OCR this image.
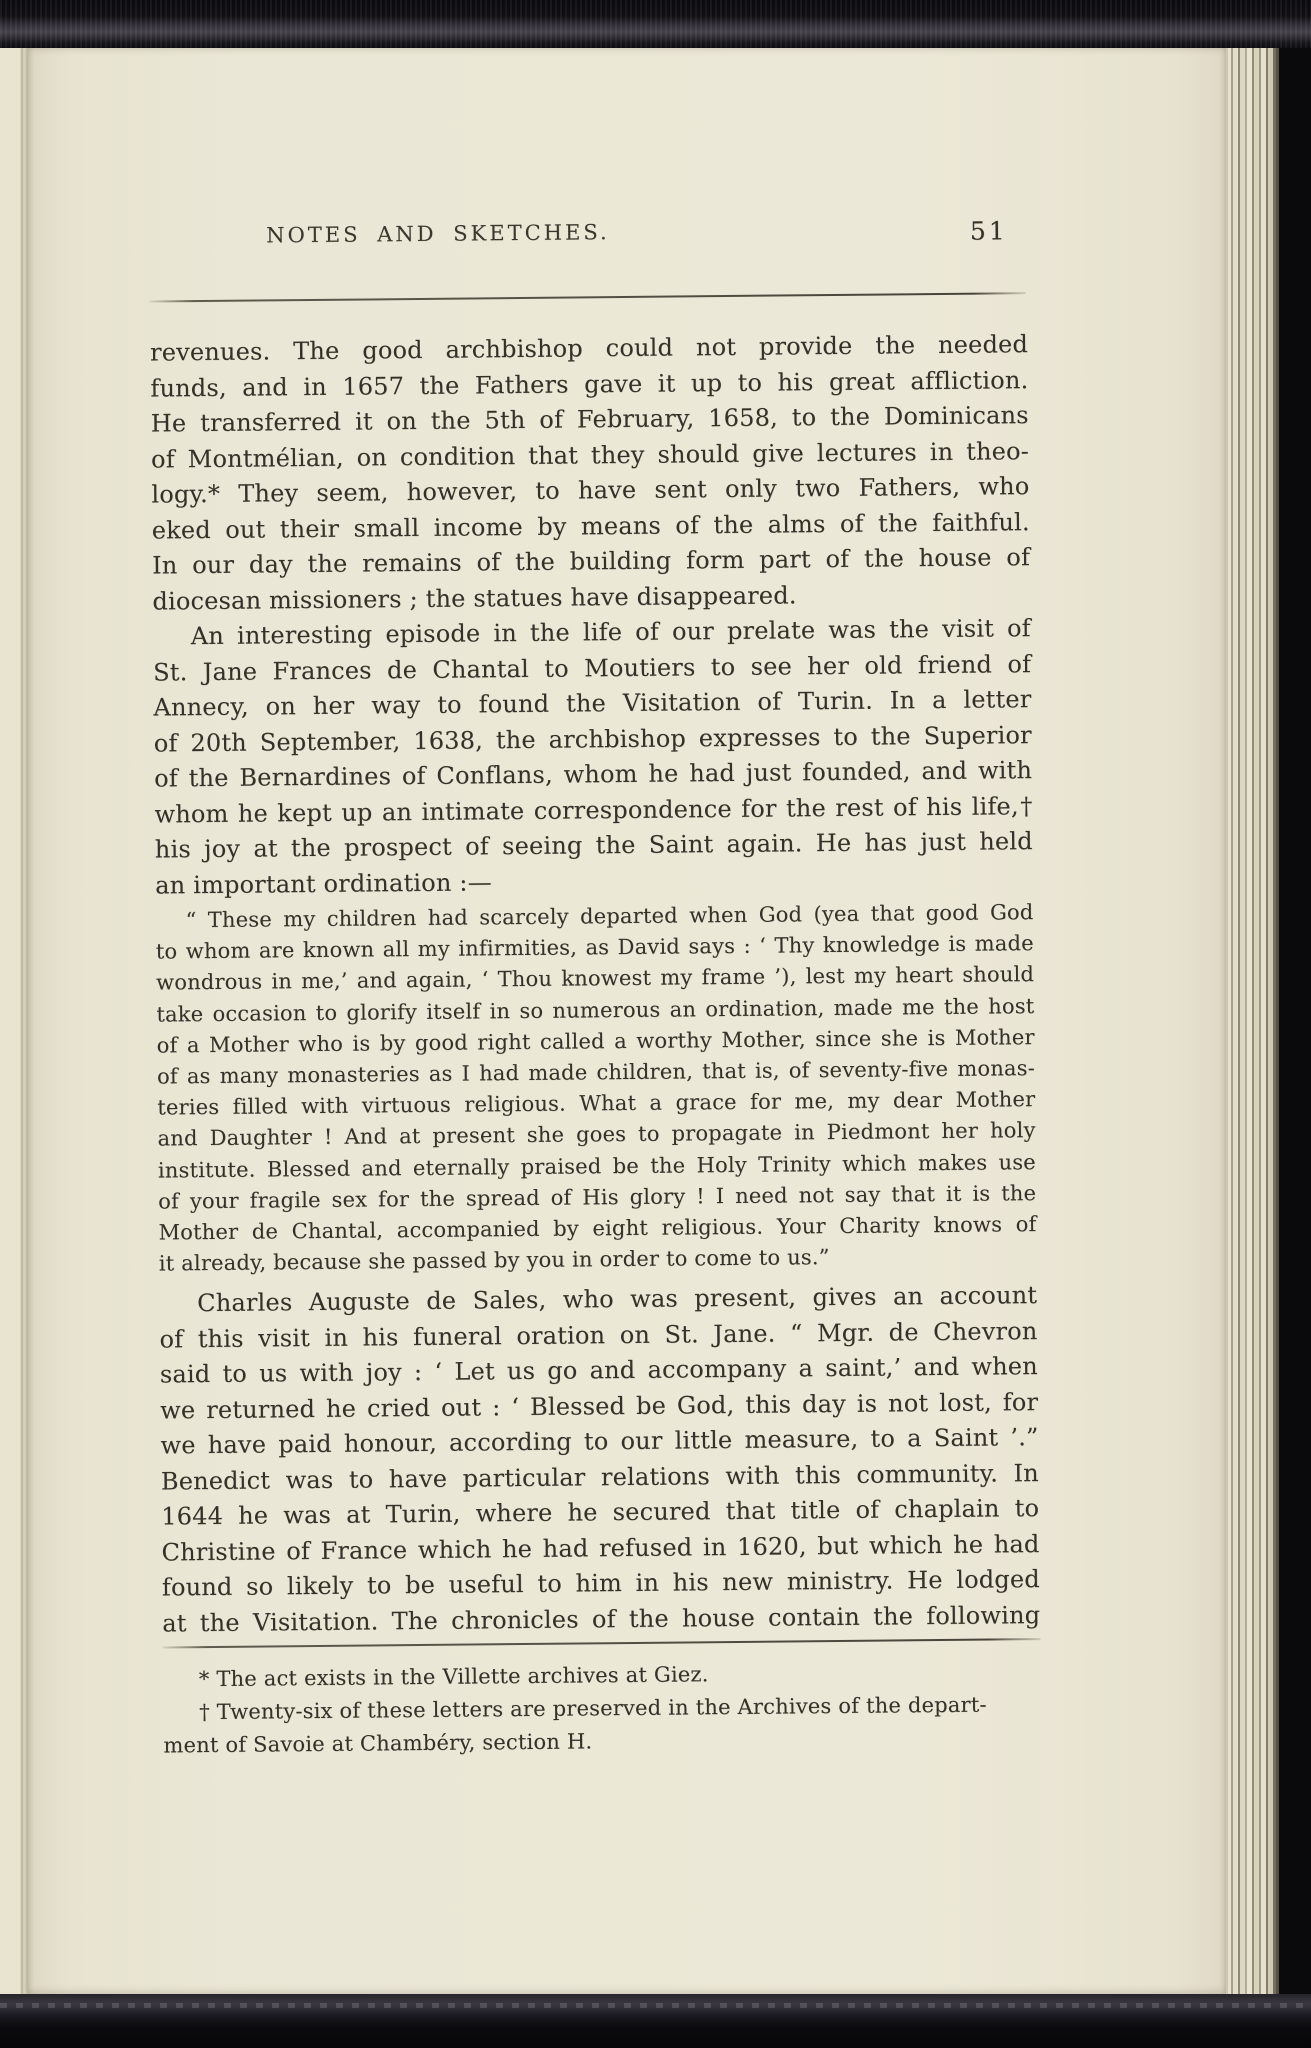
NOTES AND SKETCHES.	51
revenues. The good archbishop could not provide the needed
funds, and in 1657 the Fathers gave it up to his great affliction.
He transferred it on the 5th of February, 1658, to the Dominicans
of Montmélian, on condition that they should give lectures in theo-
logy.* They seem, however, to have sent only two Fathers, who
eked out their small income by means of the alms of the faithful.
In our day the remains of the building form part of the house of
diocesan missioners ; the statues have disappeared.
An interesting episode in the life of our prelate was the visit of
St. Jane Frances de Chantal to Moutiers to see her old friend of
Annecy, on her way to found the Visitation of Turin. In a letter
of 20th September, 1638, the archbishop expresses to the Superior
of the Bernardines of Conflans, whom he had just founded, and with
whom he kept up an intimate correspondence for the rest of his life,†
his joy at the prospect of seeing the Saint again. He has just held
an important ordination :—
“ These my children had scarcely departed when God (yea that good God
to whom are known all my infirmities, as David says : ‘ Thy knowledge is made
wondrous in me,’ and again, ‘ Thou knowest my frame ’), lest my heart should
take occasion to glorify itself in so numerous an ordination, made me the host
of a Mother who is by good right called a worthy Mother, since she is Mother
of as many monasteries as I had made children, that is, of seventy-five monas-
teries filled with virtuous religious. What a grace for me, my dear Mother
and Daughter ! And at present she goes to propagate in Piedmont her holy
institute. Blessed and eternally praised be the Holy Trinity which makes use
of your fragile sex for the spread of His glory ! I need not say that it is the
Mother de Chantal, accompanied by eight religious. Your Charity knows of
it already, because she passed by you in order to come to us.”
Charles Auguste de Sales, who was present, gives an account
of this visit in his funeral oration on St. Jane. “ Mgr. de Chevron
said to us with joy : ‘ Let us go and accompany a saint,’ and when
we returned he cried out : ‘ Blessed be God, this day is not lost, for
we have paid honour, according to our little measure, to a Saint ’.”
Benedict was to have particular relations with this community. In
1644 he was at Turin, where he secured that title of chaplain to
Christine of France which he had refused in 1620, but which he had
found so likely to be useful to him in his new ministry. He lodged
at the Visitation. The chronicles of the house contain the following
* The act exists in the Villette archives at Giez.
† Twenty-six of these letters are preserved in the Archives of the depart-
ment of Savoie at Chambéry, section H.
